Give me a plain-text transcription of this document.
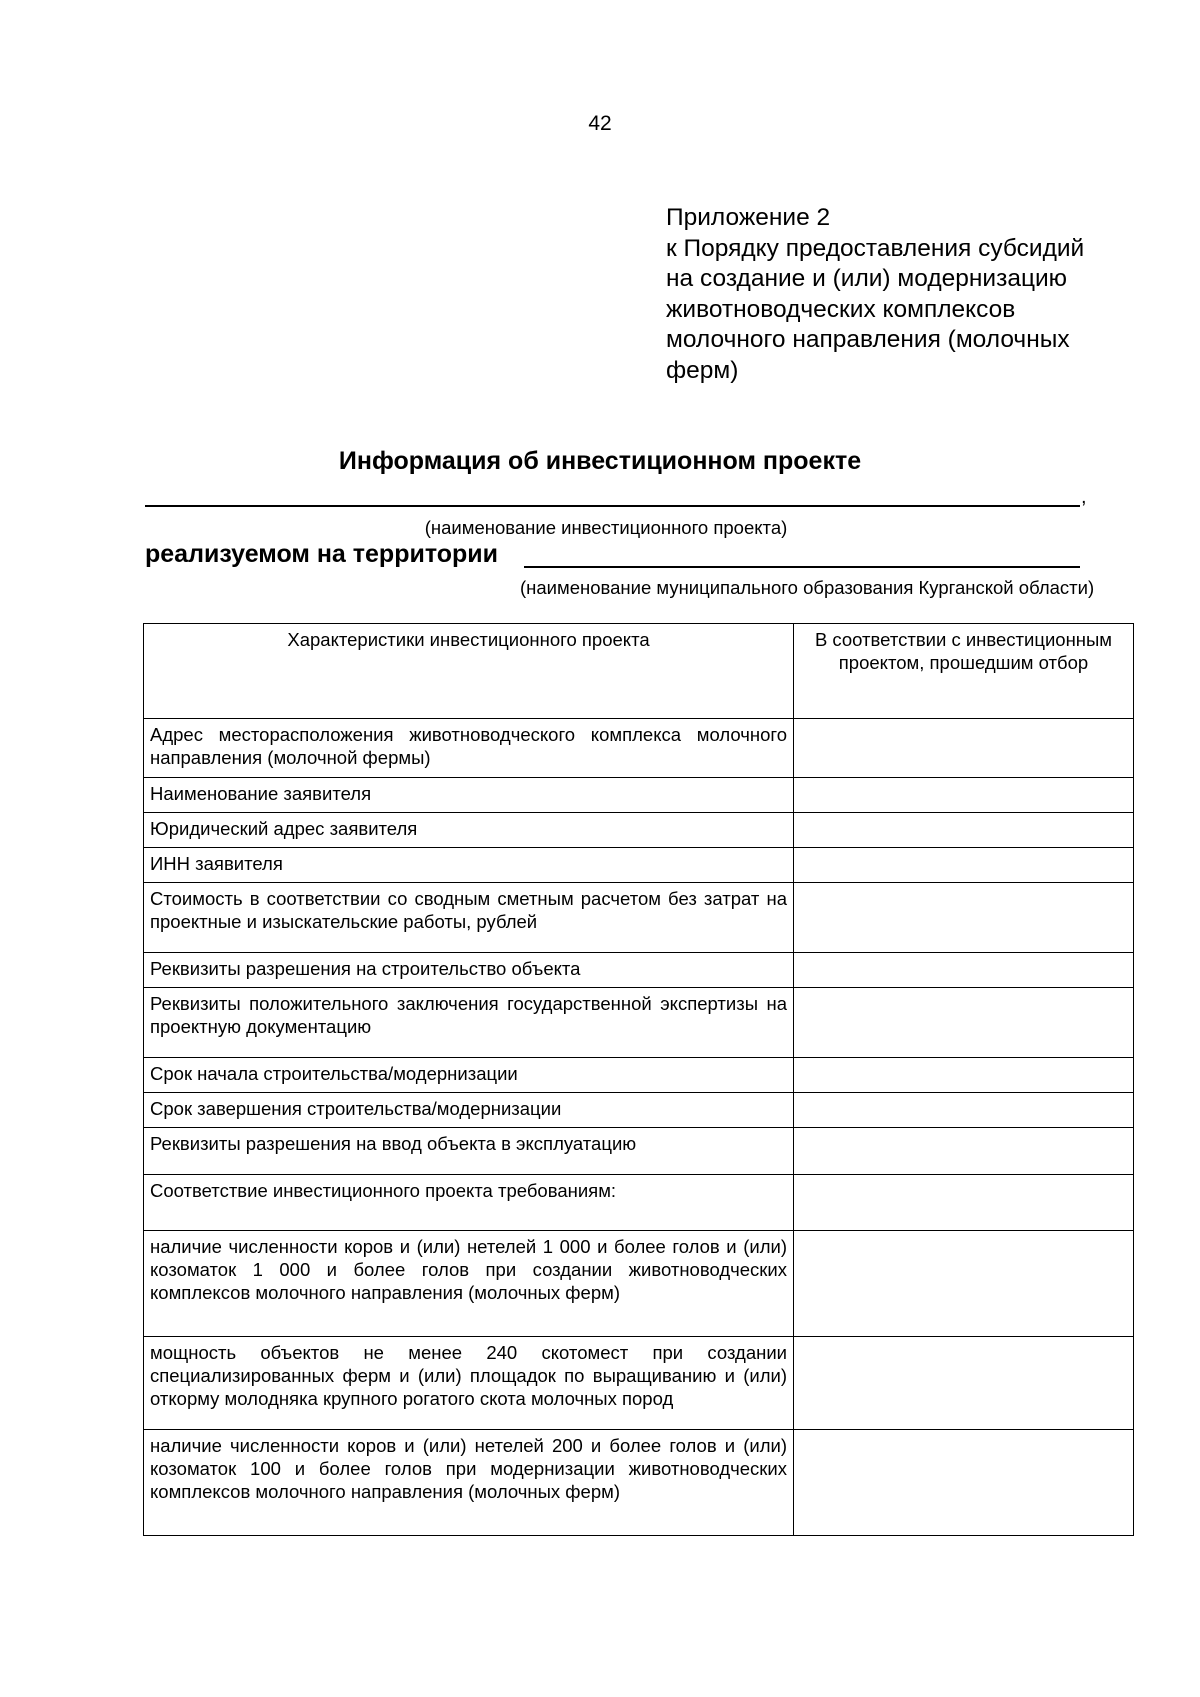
42
Приложение 2
к Порядку предоставления субсидий
на создание и (или) модернизацию
животноводческих комплексов
молочного направления (молочных
ферм)
Информация об инвестиционном проекте
,
(наименование инвестиционного проекта)
реализуемом на территории
(наименование муниципального образования Курганской области)
Характеристики инвестиционного проекта	В соответствии с инвестиционным проектом, прошедшим отбор
Адрес месторасположения животноводческого комплекса молочного направления (молочной фермы)	
Наименование заявителя	
Юридический адрес заявителя	
ИНН заявителя	
Стоимость в соответствии со сводным сметным расчетом без затрат на проектные и изыскательские работы, рублей	
Реквизиты разрешения на строительство объекта	
Реквизиты положительного заключения государственной экспертизы на проектную документацию	
Срок начала строительства/модернизации	
Срок завершения строительства/модернизации	
Реквизиты разрешения на ввод объекта в эксплуатацию	
Соответствие инвестиционного проекта требованиям:	
наличие численности коров и (или) нетелей 1 000 и более голов и (или) козоматок 1 000 и более голов при создании животноводческих комплексов молочного направления (молочных ферм)	
мощность объектов не менее 240 скотомест при создании специализированных ферм и (или) площадок по выращиванию и (или) откорму молодняка крупного рогатого скота молочных пород	
наличие численности коров и (или) нетелей 200 и более голов и (или) козоматок 100 и более голов при модернизации животноводческих комплексов молочного направления (молочных ферм)	
